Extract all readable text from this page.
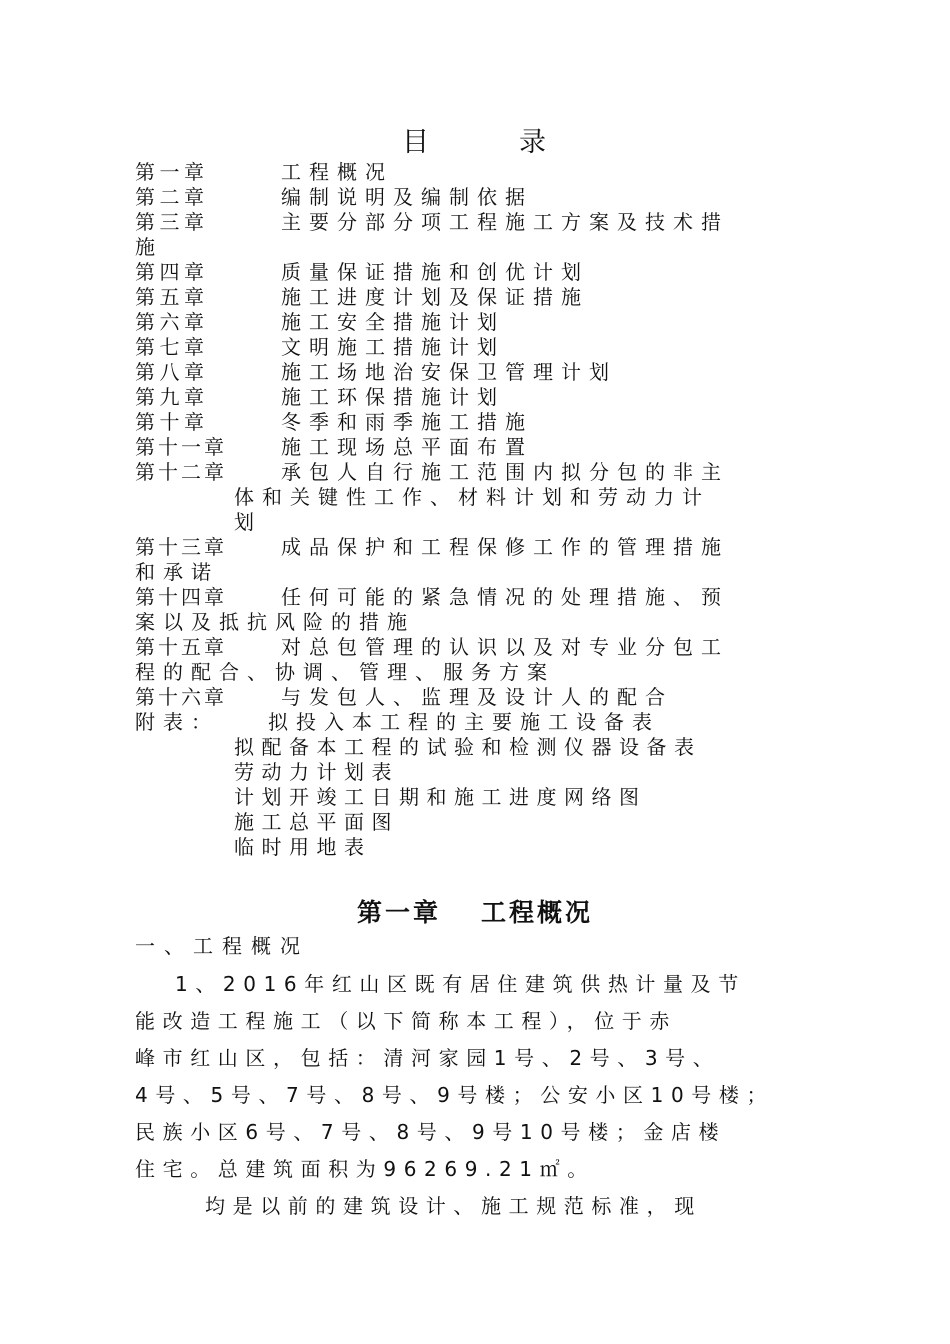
目	录
第一章	工程概况
第二章	编制说明及编制依据
第三章	主要分部分项工程施工方案及技术措
施
第四章	质量保证措施和创优计划
第五章	施工进度计划及保证措施
第六章	施工安全措施计划
第七章	文明施工措施计划
第八章	施工场地治安保卫管理计划
第九章	施工环保措施计划
第十章	冬季和雨季施工措施
第十一章	施工现场总平面布置
第十二章	承包人自行施工范围内拟分包的非主
体和关键性工作、材料计划和劳动力计
划
第十三章	成品保护和工程保修工作的管理措施
和承诺
第十四章	任何可能的紧急情况的处理措施、预
案以及抵抗风险的措施
第十五章	对总包管理的认识以及对专业分包工
程的配合、协调、管理、服务方案
第十六章	与发包人、监理及设计人的配合
附表：	拟投入本工程的主要施工设备表
拟配备本工程的试验和检测仪器设备表
劳动力计划表
计划开竣工日期和施工进度网络图
施工总平面图
临时用地表
第一章 工程概况

一、工程概况

1、2016年红山区既有居住建筑供热计量及节

能改造工程施工（以下简称本工程），位于赤

峰市红山区，包括：清河家园1号、2号、3号、

4号、5号、7号、8号、9号楼；公安小区10号楼；

民族小区6号、7号、8号、9号10号楼；金店楼

住宅。总建筑面积为96269.21㎡。

均是以前的建筑设计、施工规范标准，现
